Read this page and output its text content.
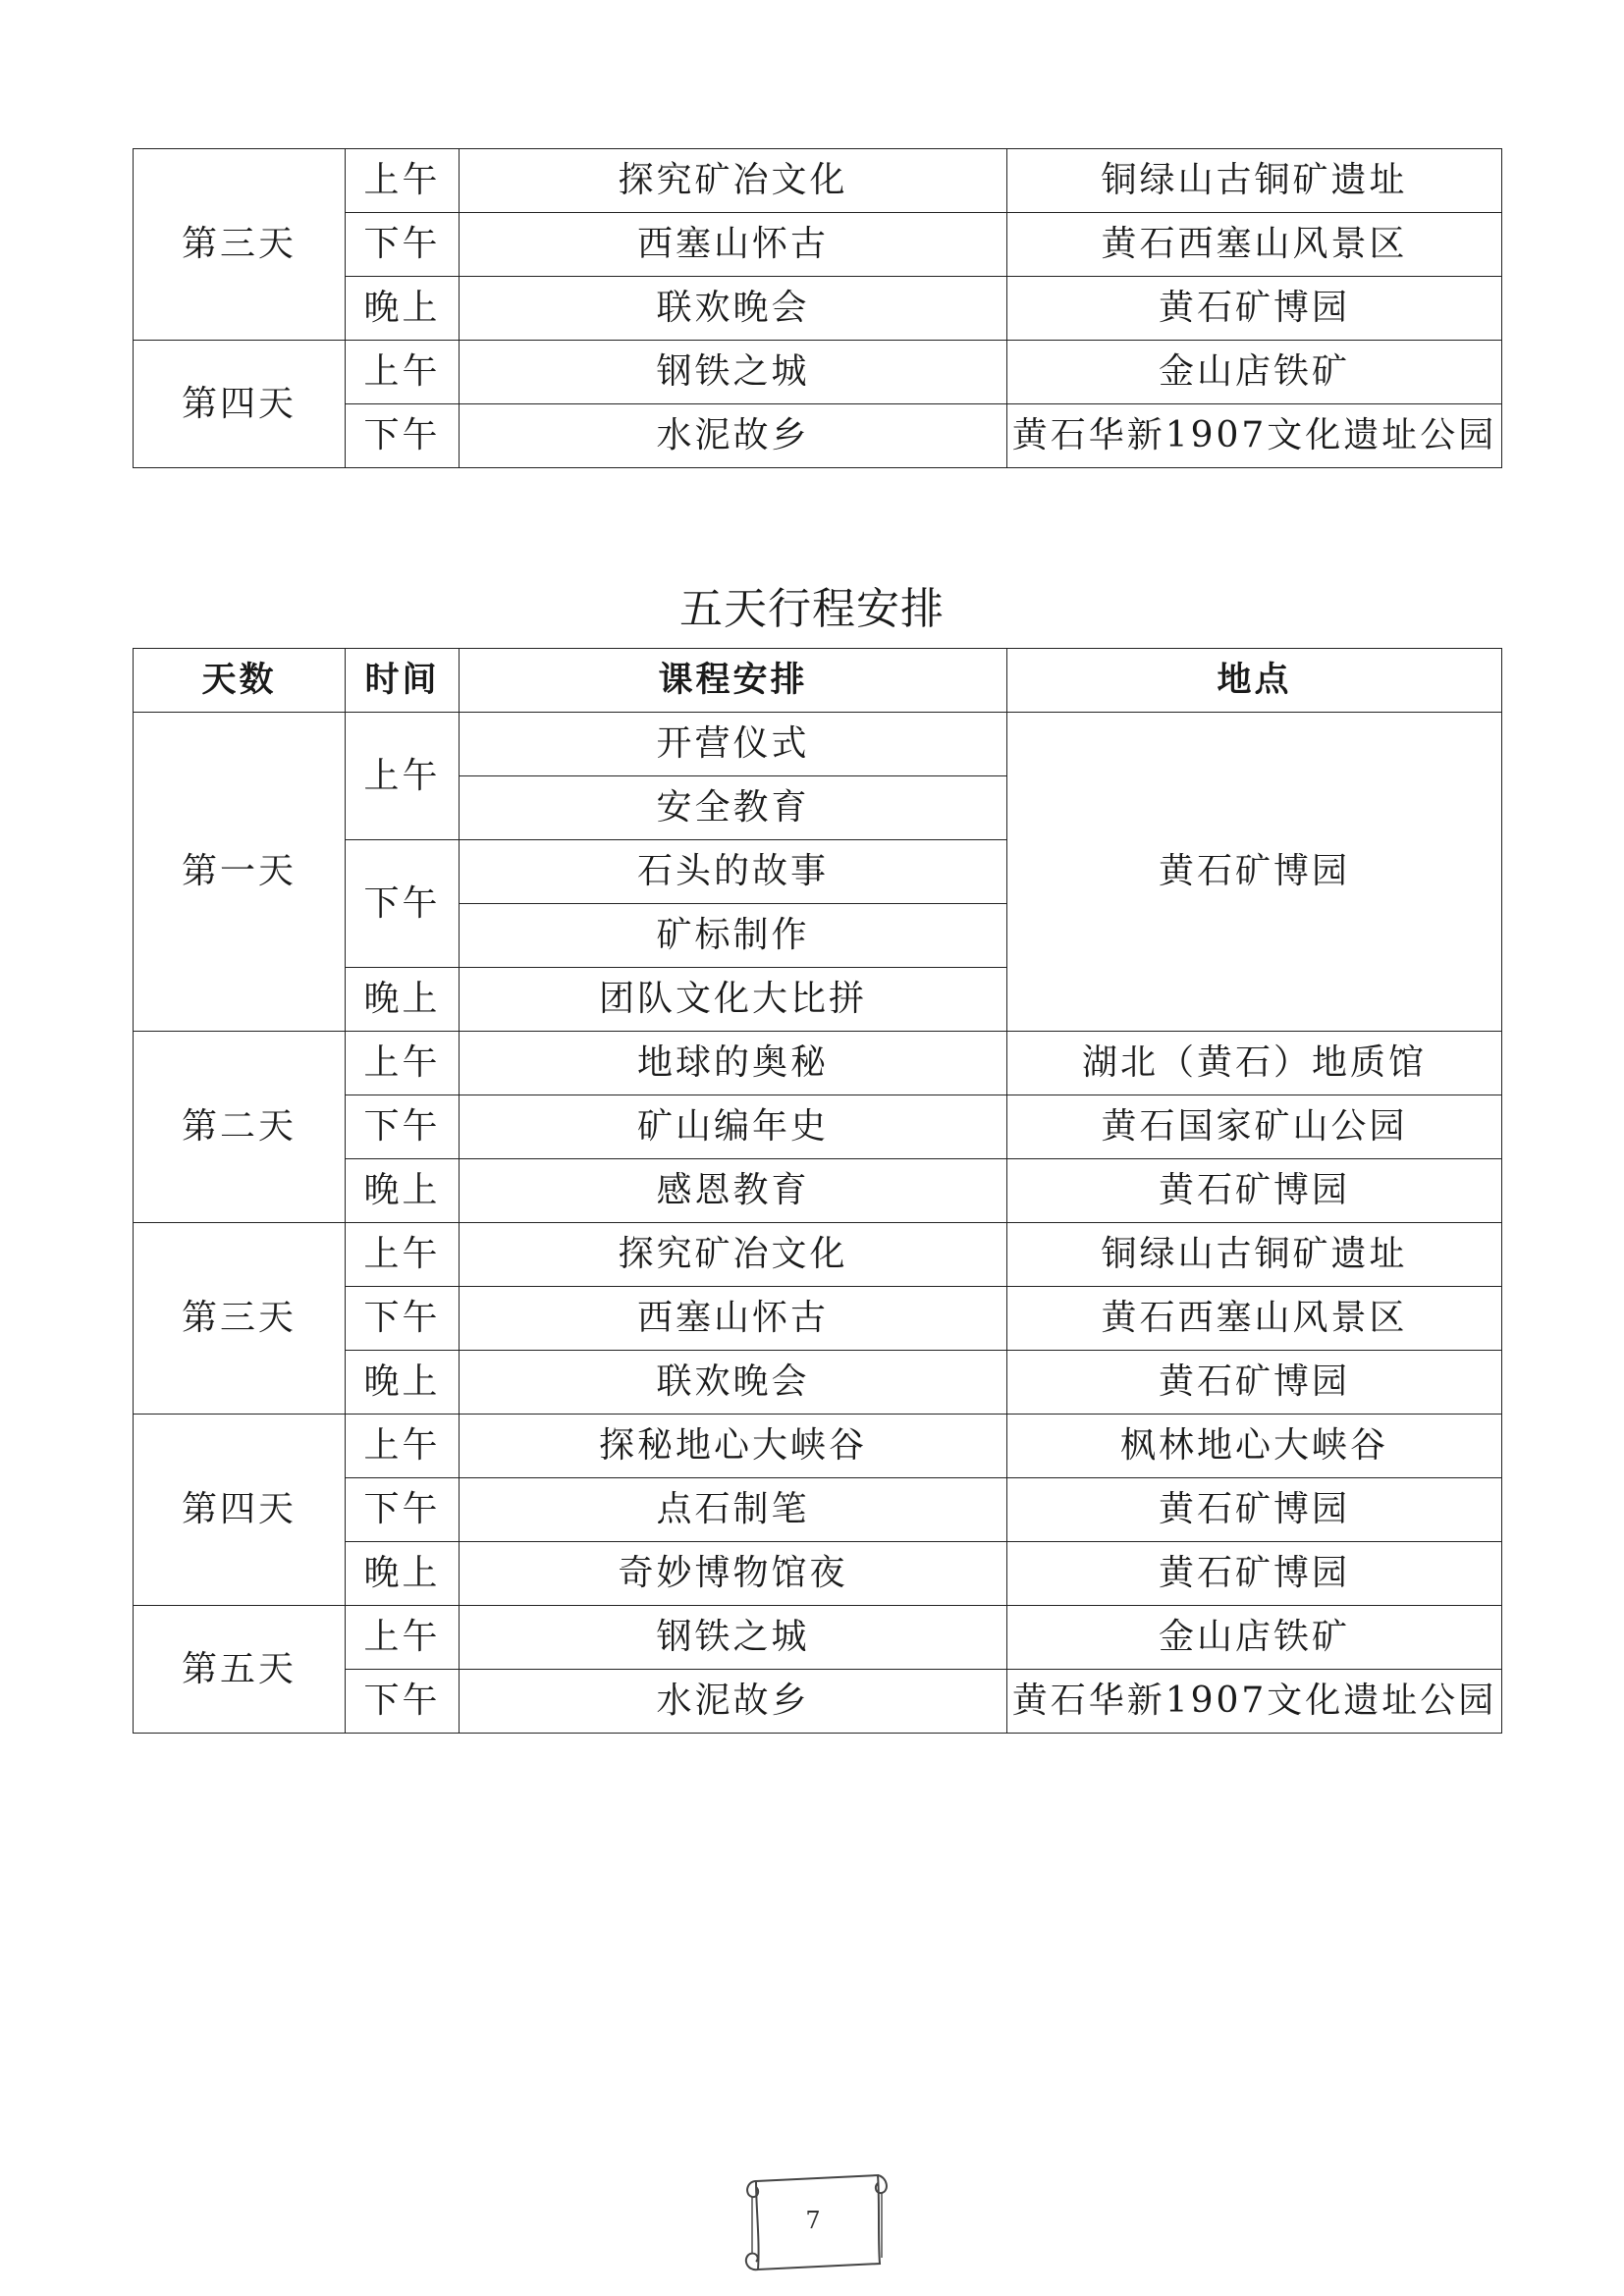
第三天	上午	探究矿冶文化	铜绿山古铜矿遗址
	下午	西塞山怀古	黄石西塞山风景区
	晚上	联欢晚会	黄石矿博园
第四天	上午	钢铁之城	金山店铁矿
	下午	水泥故乡	黄石华新1907文化遗址公园
五天行程安排
天数	时间	课程安排	地点
第一天	上午	开营仪式	黄石矿博园
		安全教育	
	下午	石头的故事	
		矿标制作	
	晚上	团队文化大比拼	
第二天	上午	地球的奥秘	湖北（黄石）地质馆
	下午	矿山编年史	黄石国家矿山公园
	晚上	感恩教育	黄石矿博园
第三天	上午	探究矿冶文化	铜绿山古铜矿遗址
	下午	西塞山怀古	黄石西塞山风景区
	晚上	联欢晚会	黄石矿博园
第四天	上午	探秘地心大峡谷	枫林地心大峡谷
	下午	点石制笔	黄石矿博园
	晚上	奇妙博物馆夜	黄石矿博园
第五天	上午	钢铁之城	金山店铁矿
	下午	水泥故乡	黄石华新1907文化遗址公园
7
